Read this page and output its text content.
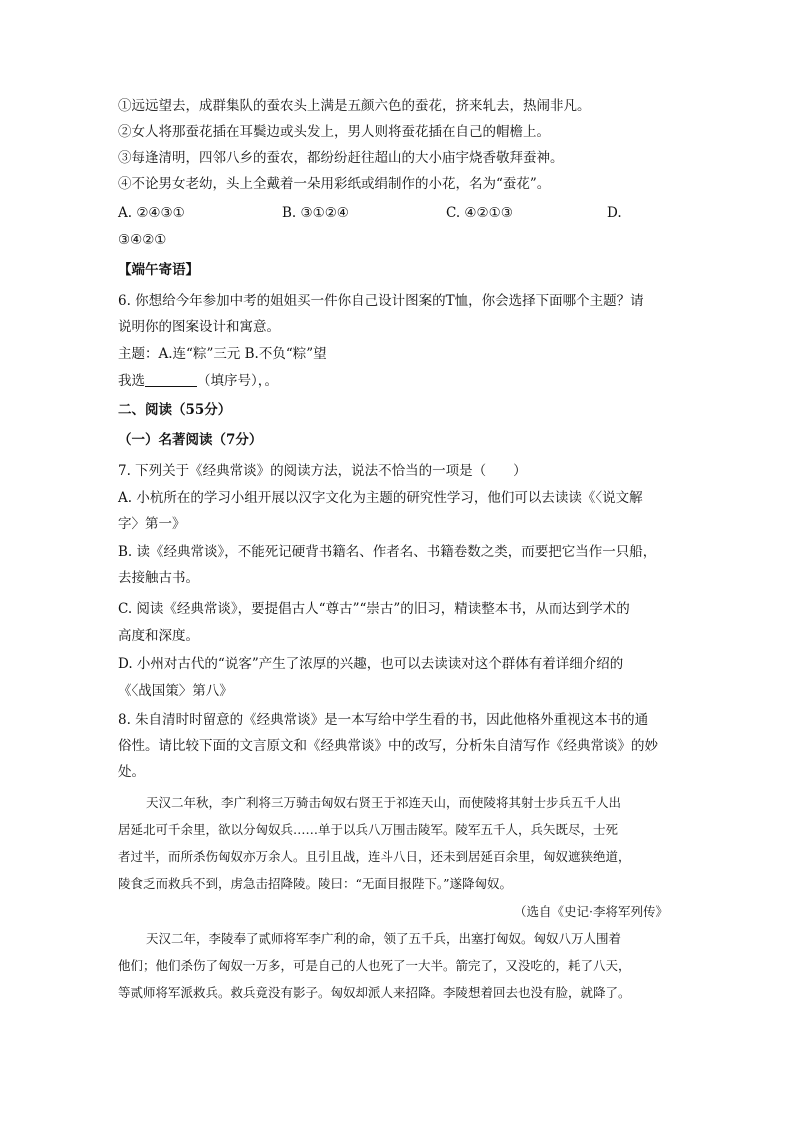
①远远望去，成群集队的蚕农头上满是五颜六色的蚕花，挤来轧去，热闹非凡。
②女人将那蚕花插在耳鬓边或头发上，男人则将蚕花插在自己的帽檐上。
③每逢清明，四邻八乡的蚕农，都纷纷赶往超山的大小庙宇烧香敬拜蚕神。
④不论男女老幼，头上全戴着一朵用彩纸或绢制作的小花，名为“蚕花”。
A. ②④③①	B. ③①②④	C. ④②①③	D.
③④②①
【端午寄语】
6. 你想给今年参加中考的姐姐买一件你自己设计图案的T恤，你会选择下面哪个主题？请
说明你的图案设计和寓意。
主题：A.连“粽”三元 B.不负“粽”望
我选	（填序号），。
二、阅读（55分）
（一）名著阅读（7分）
7. 下列关于《经典常谈》的阅读方法，说法不恰当的一项是（　　）
A. 小杭所在的学习小组开展以汉字文化为主题的研究性学习，他们可以去读读《〈说文解
字〉第一》
B. 读《经典常谈》，不能死记硬背书籍名、作者名、书籍卷数之类，而要把它当作一只船，
去接触古书。
C. 阅读《经典常谈》，要提倡古人“尊古”“崇古”的旧习，精读整本书，从而达到学术的
高度和深度。
D. 小州对古代的“说客”产生了浓厚的兴趣，也可以去读读对这个群体有着详细介绍的
《〈战国策〉第八》
8. 朱自清时时留意的《经典常谈》是一本写给中学生看的书，因此他格外重视这本书的通
俗性。请比较下面的文言原文和《经典常谈》中的改写，分析朱自清写作《经典常谈》的妙
处。
天汉二年秋，李广利将三万骑击匈奴右贤王于祁连天山，而使陵将其射士步兵五千人出
居延北可千余里，欲以分匈奴兵……单于以兵八万围击陵军。陵军五千人，兵矢既尽，士死
者过半，而所杀伤匈奴亦万余人。且引且战，连斗八日，还未到居延百余里，匈奴遮狭绝道，
陵食乏而救兵不到，虏急击招降陵。陵曰：“无面目报陛下。”遂降匈奴。
（选自《史记·李将军列传》
天汉二年，李陵奉了贰师将军李广利的命，领了五千兵，出塞打匈奴。匈奴八万人围着
他们；他们杀伤了匈奴一万多，可是自己的人也死了一大半。箭完了，又没吃的，耗了八天，
等贰师将军派救兵。救兵竟没有影子。匈奴却派人来招降。李陵想着回去也没有脸，就降了。
